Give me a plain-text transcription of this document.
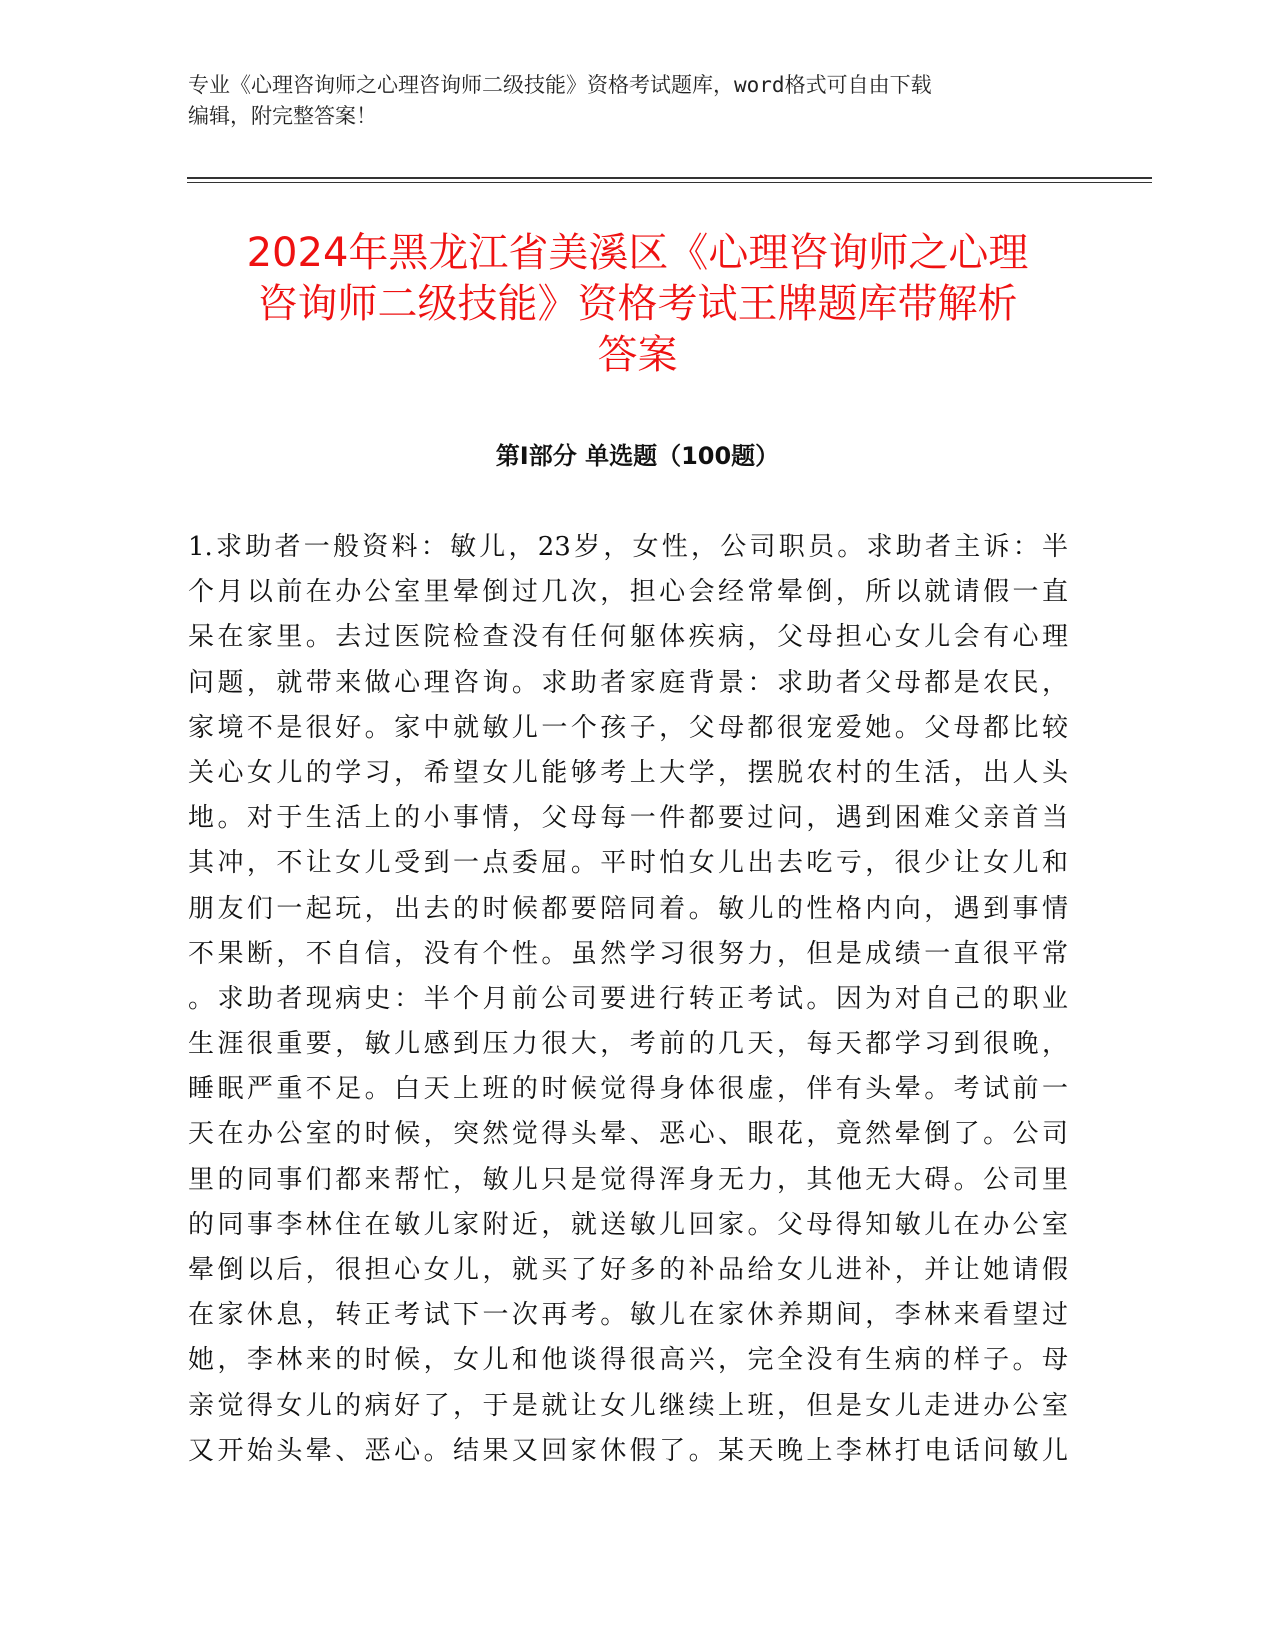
专业《心理咨询师之心理咨询师二级技能》资格考试题库，word格式可自由下载
编辑，附完整答案！
2024年黑龙江省美溪区《心理咨询师之心理
咨询师二级技能》资格考试王牌题库带解析
答案
第Ⅰ部分 单选题（100题）
1.求助者一般资料：敏儿，23岁，女性，公司职员。求助者主诉：半
个月以前在办公室里晕倒过几次，担心会经常晕倒，所以就请假一直
呆在家里。去过医院检查没有任何躯体疾病，父母担心女儿会有心理
问题，就带来做心理咨询。求助者家庭背景：求助者父母都是农民，
家境不是很好。家中就敏儿一个孩子，父母都很宠爱她。父母都比较
关心女儿的学习，希望女儿能够考上大学，摆脱农村的生活，出人头
地。对于生活上的小事情，父母每一件都要过问，遇到困难父亲首当
其冲，不让女儿受到一点委屈。平时怕女儿出去吃亏，很少让女儿和
朋友们一起玩，出去的时候都要陪同着。敏儿的性格内向，遇到事情
不果断，不自信，没有个性。虽然学习很努力，但是成绩一直很平常
。求助者现病史：半个月前公司要进行转正考试。因为对自己的职业
生涯很重要，敏儿感到压力很大，考前的几天，每天都学习到很晚，
睡眠严重不足。白天上班的时候觉得身体很虚，伴有头晕。考试前一
天在办公室的时候，突然觉得头晕、恶心、眼花，竟然晕倒了。公司
里的同事们都来帮忙，敏儿只是觉得浑身无力，其他无大碍。公司里
的同事李林住在敏儿家附近，就送敏儿回家。父母得知敏儿在办公室
晕倒以后，很担心女儿，就买了好多的补品给女儿进补，并让她请假
在家休息，转正考试下一次再考。敏儿在家休养期间，李林来看望过
她，李林来的时候，女儿和他谈得很高兴，完全没有生病的样子。母
亲觉得女儿的病好了，于是就让女儿继续上班，但是女儿走进办公室
又开始头晕、恶心。结果又回家休假了。某天晚上李林打电话问敏儿
